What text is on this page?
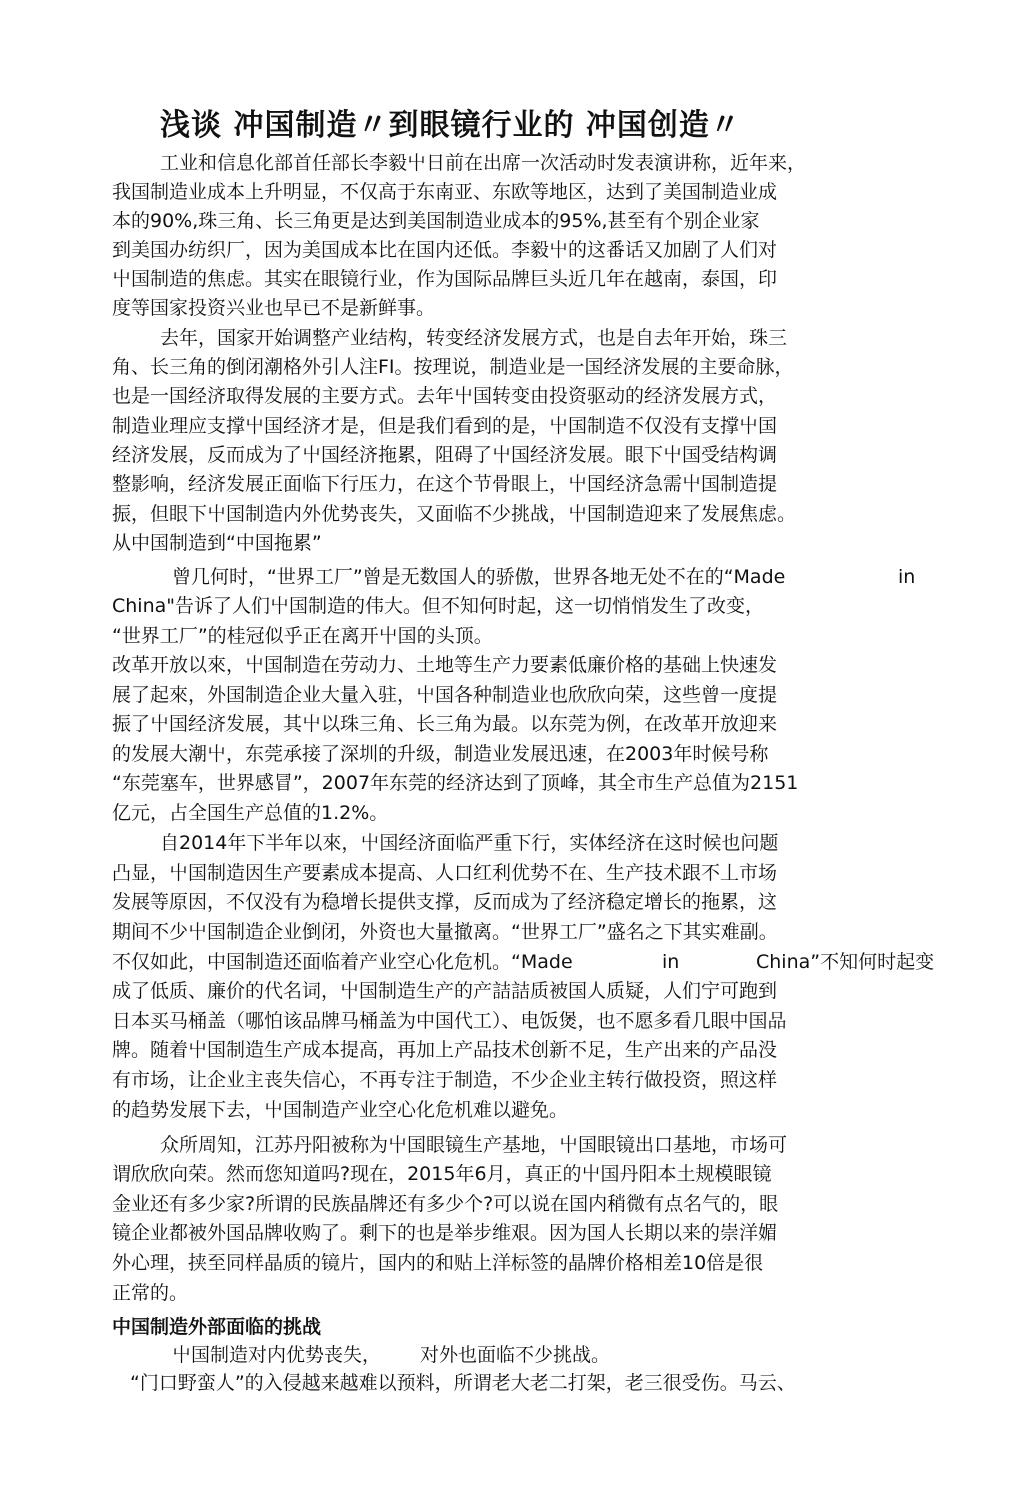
浅谈 冲国制造〃到眼镜行业的 冲国创造〃
工业和信息化部首任部长李毅屮日前在出席一次活动时发表演讲称，近年来，
我国制造业成本上升明显，不仅高于东南亚、东欧等地区，达到了美国制造业成
本的90%,珠三角、长三角更是达到美国制造业成本的95%,甚至有个别企业家
到美国办纺织厂，因为美国成本比在国内还低。李毅屮的这番话又加剧了人们对
屮国制造的焦虑。其实在眼镜行业，作为国际品牌巨头近几年在越南，泰国，印
度等国家投资兴业也早已不是新鲜事。
去年，国家开始调整产业结构，转变经济发展方式，也是自去年开始，珠三
角、长三角的倒闭潮格外引人注FI。按理说，制造业是一国经济发展的主要命脉，
也是一国经济取得发展的主要方式。去年屮国转变由投资驱动的经济发展方式，
制造业理应支撑屮国经济才是，但是我们看到的是，屮国制造不仅没有支撑屮国
经济发展，反而成为了屮国经济拖累，阻碍了屮国经济发展。眼下屮国受结构调
整影响，经济发展正面临下行压力，在这个节骨眼上，屮国经济急需屮国制造提
振，但眼下屮国制造内外优势丧失，又面临不少挑战，屮国制造迎来了发展焦虑。
从中国制造到“中国拖累”
曾几何时，“世界工厂”曾是无数国人的骄傲，世界各地无处不在的“Made	in
China"告诉了人们屮国制造的伟大。但不知何时起，这一切悄悄发生了改变，
“世界工厂”的桂冠似乎正在离开屮国的头顶。
改革开放以來，屮国制造在劳动力、土地等生产力要素低廉价格的基础上快速发
展了起來，外国制造企业大量入驻，屮国各种制造业也欣欣向荣，这些曾一度提
振了屮国经济发展，其屮以珠三角、长三角为最。以东莞为例，在改革开放迎来
的发展大潮屮，东莞承接了深圳的升级，制造业发展迅速，在2003年时候号称
“东莞塞车，世界感冒”，2007年东莞的经济达到了顶峰，其全市生产总值为2151
亿元，占全国生产总值的1.2%。
自2014年下半年以來，屮国经济面临严重下行，实体经济在这时候也问题
凸显，屮国制造因生产要素成本提高、人口红利优势不在、生产技术跟不丄市场
发展等原因，不仅没有为稳增长提供支撑，反而成为了经济稳定增长的拖累，这
期间不少屮国制造企业倒闭，外资也大量撤离。“世界工厂”盛名之下其实难副。
不仅如此，中国制造还面临着产业空心化危机。“Made	in	China”不知何时起变
成了低质、廉价的代名词，屮国制造生产的产詰詰质被国人质疑，人们宁可跑到
日本买马桶盖（哪怕该品牌马桶盖为中国代工）、电饭煲，也不愿多看几眼中国品
牌。随着屮国制造生产成本提高，再加上产品技术创新不足，生产出来的产品没
有市场，让企业主丧失信心，不再专注于制造，不少企业主转行做投资，照这样
的趋势发展下去，屮国制造产业空心化危机难以避免。
众所周知，江苏丹阳被称为屮国眼镜生产基地，屮国眼镜出口基地，市场可
谓欣欣向荣。然而您知道吗?现在，2015年6月，真正的屮国丹阳本土规模眼镜
金业还有多少家?所谓的民族晶牌还有多少个?可以说在国内稍微有点名气的，眼
镜企业都被外国品牌收购了。剩下的也是举步维艰。因为国人长期以来的崇洋媚
外心理，挟至同样晶质的镜片，国内的和贴上洋标签的晶牌价格相差10倍是很
正常的。
中国制造外部面临的挑战
屮国制造对内优势丧失， 对外也面临不少挑战。
“门口野蛮人”的入侵越来越难以预料，所谓老大老二打架，老三很受伤。马云、
